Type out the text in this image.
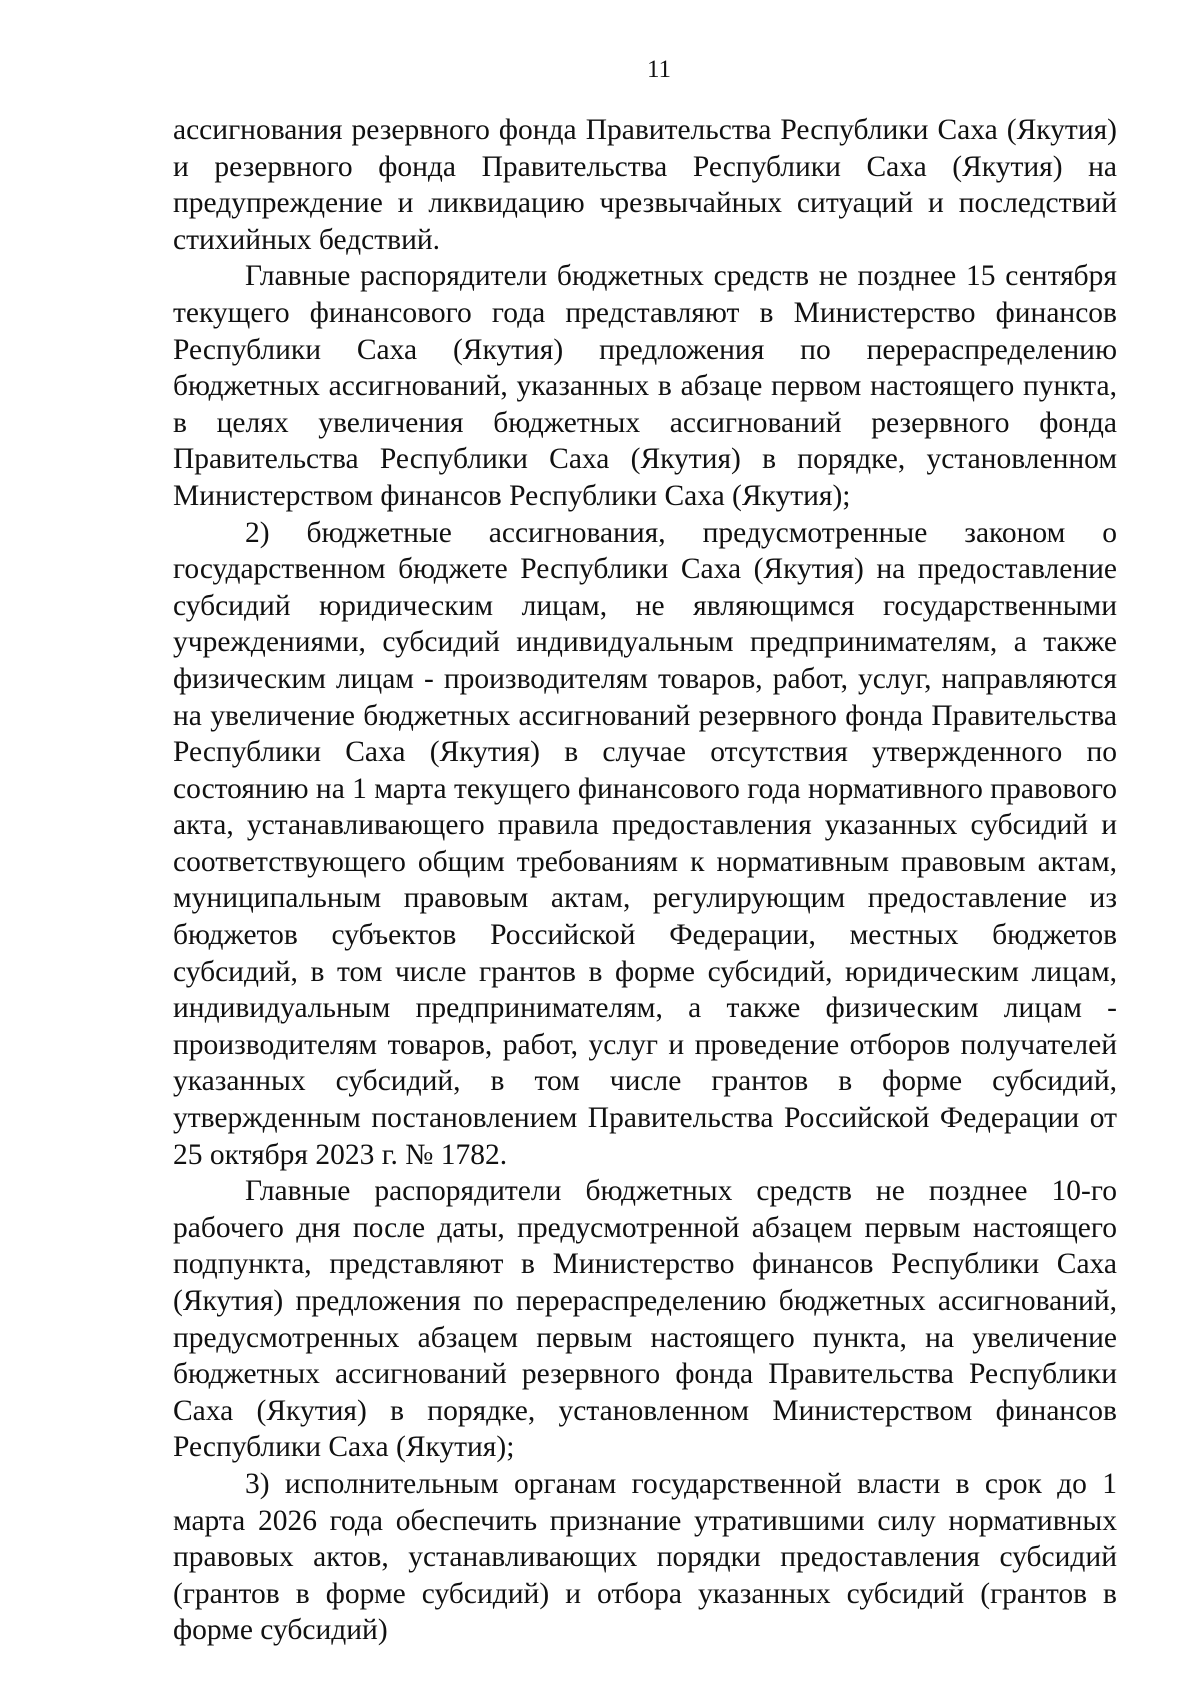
11

ассигнования резервного фонда Правительства Республики Саха (Якутия) и резервного фонда Правительства Республики Саха (Якутия) на предупреждение и ликвидацию чрезвычайных ситуаций и последствий стихийных бедствий.

Главные распорядители бюджетных средств не позднее 15 сентября текущего финансового года представляют в Министерство финансов Республики Саха (Якутия) предложения по перераспределению бюджетных ассигнований, указанных в абзаце первом настоящего пункта, в целях увеличения бюджетных ассигнований резервного фонда Правительства Республики Саха (Якутия) в порядке, установленном Министерством финансов Республики Саха (Якутия);

2) бюджетные ассигнования, предусмотренные законом о государственном бюджете Республики Саха (Якутия) на предоставление субсидий юридическим лицам, не являющимся государственными учреждениями, субсидий индивидуальным предпринимателям, а также физическим лицам - производителям товаров, работ, услуг, направляются на увеличение бюджетных ассигнований резервного фонда Правительства Республики Саха (Якутия) в случае отсутствия утвержденного по состоянию на 1 марта текущего финансового года нормативного правового акта, устанавливающего правила предоставления указанных субсидий и соответствующего общим требованиям к нормативным правовым актам, муниципальным правовым актам, регулирующим предоставление из бюджетов субъектов Российской Федерации, местных бюджетов субсидий, в том числе грантов в форме субсидий, юридическим лицам, индивидуальным предпринимателям, а также физическим лицам - производителям товаров, работ, услуг и проведение отборов получателей указанных субсидий, в том числе грантов в форме субсидий, утвержденным постановлением Правительства Российской Федерации от 25 октября 2023 г. № 1782.

Главные распорядители бюджетных средств не позднее 10-го рабочего дня после даты, предусмотренной абзацем первым настоящего подпункта, представляют в Министерство финансов Республики Саха (Якутия) предложения по перераспределению бюджетных ассигнований, предусмотренных абзацем первым настоящего пункта, на увеличение бюджетных ассигнований резервного фонда Правительства Республики Саха (Якутия) в порядке, установленном Министерством финансов Республики Саха (Якутия);

3) исполнительным органам государственной власти в срок до 1 марта 2026 года обеспечить признание утратившими силу нормативных правовых актов, устанавливающих порядки предоставления субсидий (грантов в форме субсидий) и отбора указанных субсидий (грантов в форме субсидий)
